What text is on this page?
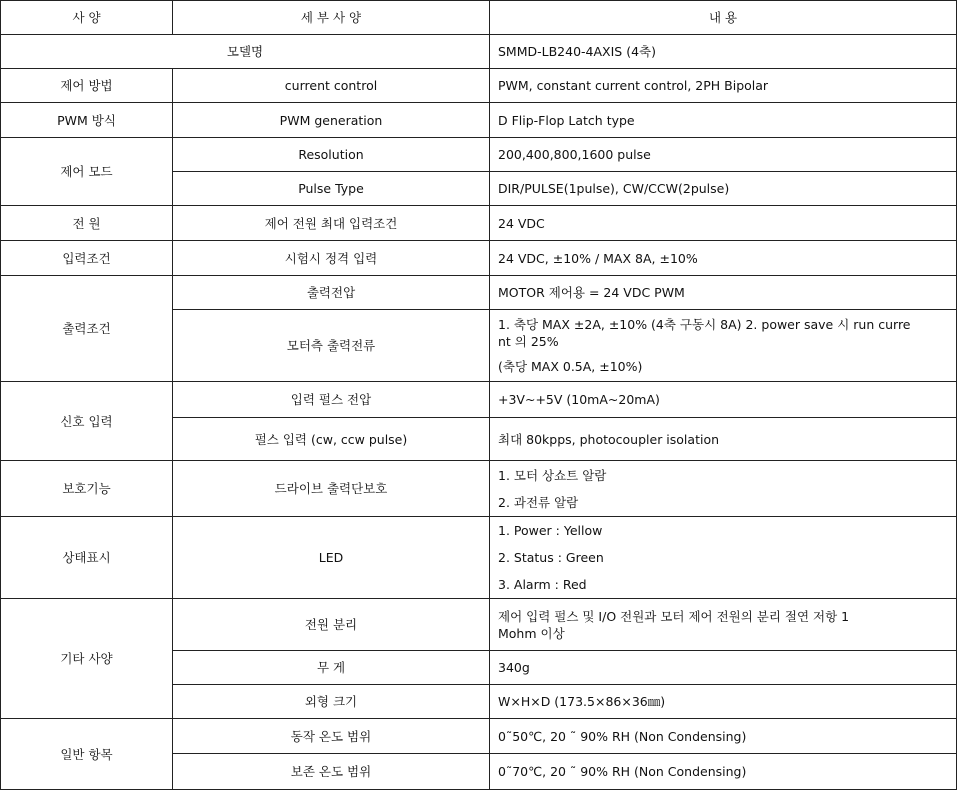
사 양	세 부 사 양	내 용
모델명		SMMD-LB240-4AXIS (4축)
제어 방법	current control	PWM, constant current control, 2PH Bipolar
PWM 방식	PWM generation	D Flip-Flop Latch type
제어 모드	Resolution	200,400,800,1600 pulse
	Pulse Type	DIR/PULSE(1pulse), CW/CCW(2pulse)
전 원	제어 전원 최대 입력조건	24 VDC
입력조건	시험시 정격 입력	24 VDC, ±10% / MAX 8A, ±10%
출력조건	출력전압	MOTOR 제어용 = 24 VDC PWM
	모터측 출력전류	1. 축당 MAX ±2A, ±10% (4축 구동시 8A) 2. power save 시 run curre
nt 의 25%
(축당 MAX 0.5A, ±10%)

신호 입력	입력 펄스 전압	+3V~+5V (10mA~20mA)
	펄스 입력 (cw, ccw pulse)	최대 80kpps, photocoupler isolation
보호기능	드라이브 출력단보호	1. 모터 상쇼트 알람
2. 과전류 알람

상태표시	LED	1. Power : Yellow
2. Status : Green
3. Alarm : Red

기타 사양	전원 분리	제어 입력 펄스 및 I/O 전원과 모터 제어 전원의 분리 절연 저항 1
Mohm 이상

	무 게	340g
	외형 크기	W×H×D (173.5×86×36㎜)
일반 항목	동작 온도 범위	0˜50℃, 20 ˜ 90% RH (Non Condensing)
	보존 온도 범위	0˜70℃, 20 ˜ 90% RH (Non Condensing)
